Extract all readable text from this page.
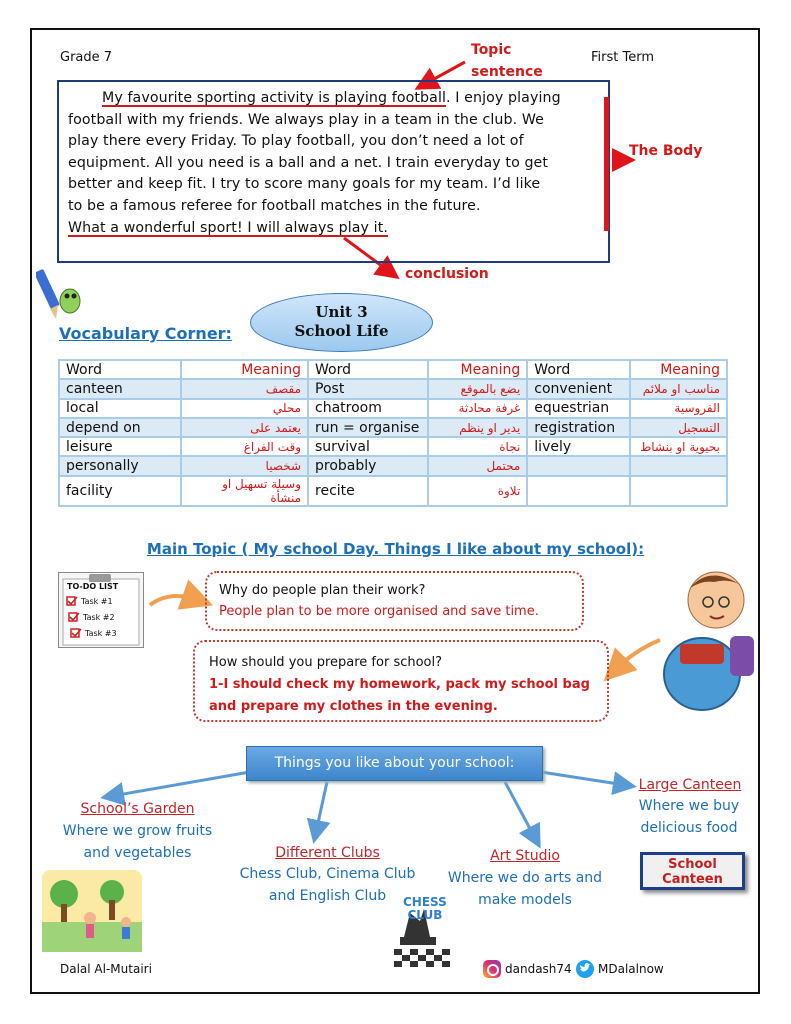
Grade 7	First Term
Topic
sentence
The Body
conclusion

My favourite sporting activity is playing football. I enjoy playing

football with my friends. We always play in a team in the club. We

play there every Friday. To play football, you don’t need a lot of

equipment. All you need is a ball and a net. I train everyday to get

better and keep fit. I try to score many goals for my team. I’d like

to be a famous referee for football matches in the future.

What a wonderful sport! I will always play it.

Unit 3
School Life
Vocabulary Corner:
Word	Meaning	Word	Meaning	Word	Meaning
canteen	مقصف	Post	يضع بالموقع	convenient	مناسب او ملائم
local	محلي	chatroom	غرفة محادثة	equestrian	الفروسية
depend on	يعتمد على	run = organise	يدير او ينظم	registration	التسجيل
leisure	وقت الفراغ	survival	نجاة	lively	بحيوية او بنشاط
personally	شخصيا	probably	محتمل		
facility	وسيلة تسهيل او منشأة	recite	تلاوة		
Main Topic ( My school Day. Things I like about my school):
TO-DO LIST
Task #1
Task #2
Task #3
Why do people plan their work?
People plan to be more organised and save time.
How should you prepare for school?
1-I should check my homework, pack my school bag
and prepare my clothes in the evening.
Things you like about your school:
School’s Garden
Where we grow fruits
and vegetables	Different Clubs
Chess Club, Cinema Club
and English Club
Art Studio
Where we do arts and
make models
Large Canteen
Where we buy
delicious food
CHESS
CLUB
School
Canteen
Dalal Al-Mutairi	dandash74 MDalalnow
